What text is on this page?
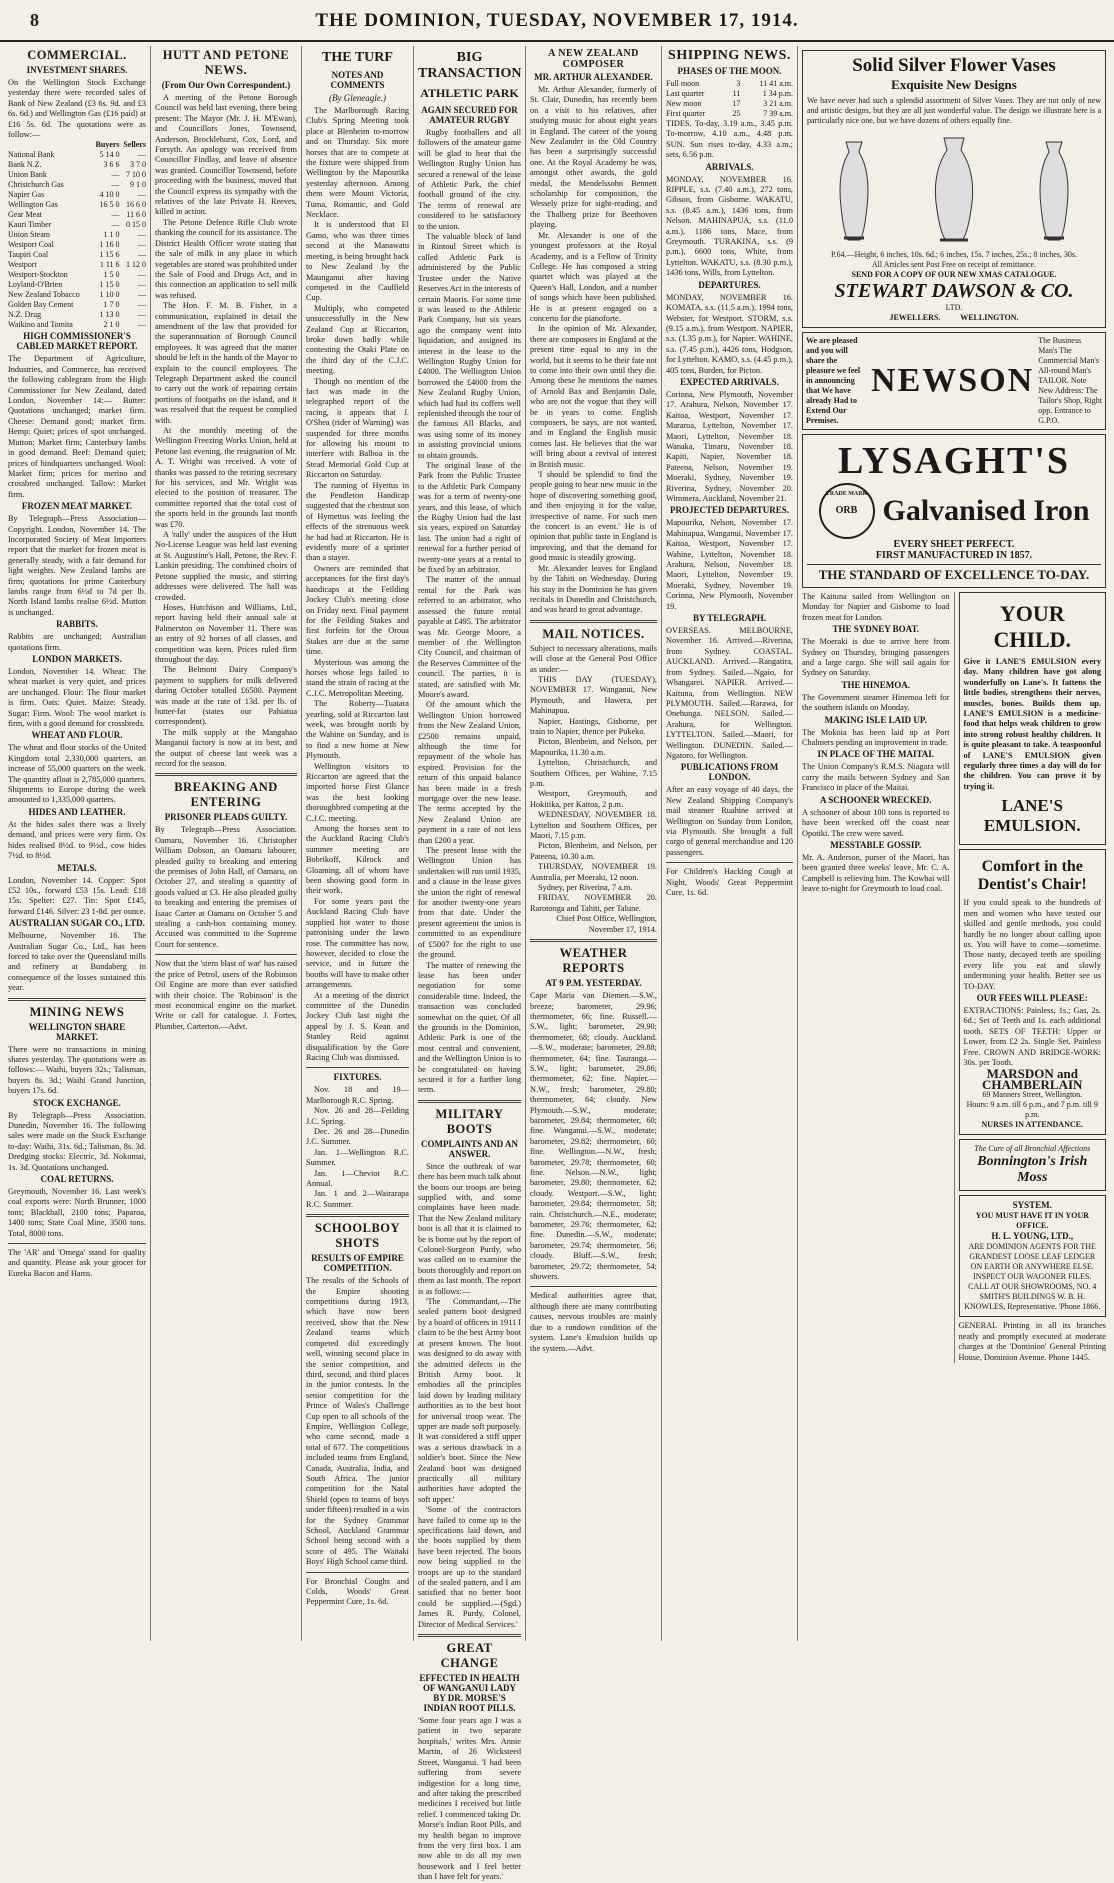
8	THE DOMINION, TUESDAY, NOVEMBER 17, 1914.
COMMERCIAL.
INVESTMENT SHARES.

On the Wellington Stock Exchange yesterday there were recorded sales of Bank of New Zealand (£3 6s. 9d. and £3 6s. 6d.) and Wellington Gas (£16 paid) at £16 5s. 6d. The quotations were as follow:—

	Buyers	Sellers
National Bank	5 14 0	—
Bank N.Z.	3 6 6	3 7 0
Union Bank	—	7 10 0
Christchurch Gas	—	9 1 0
Napier Gas	4 10 0	—
Wellington Gas	16 5 0	16 6 0
Gear Meat	—	11 6 0
Kauri Timber	—	0 15 0
Union Steam	1 1 0	—
Westport Coal	1 16 0	—
Taupiri Coal	1 15 6	—
Westport	1 11 6	1 12 0
Westport-Stockton	1 5 0	—
Loyland-O'Brien	1 15 0	—
New Zealand Tobacco	1 10 0	—
Golden Bay Cement	1 7 0	—
N.Z. Drug	1 13 0	—
Waikino and Tomita	2 1 0	—
HIGH COMMISSIONER'S CABLED MARKET REPORT.

The Department of Agriculture, Industries, and Commerce, has received the following cablegram from the High Commissioner for New Zealand, dated London, November 14:— Butter: Quotations unchanged; market firm. Cheese: Demand good; market firm. Hemp: Quiet; prices of spot unchanged. Mutton: Market firm; Canterbury lambs in good demand. Beef: Demand quiet; prices of hindquarters unchanged. Wool: Market firm; prices for merino and crossbred unchanged. Tallow: Market firm.

FROZEN MEAT MARKET.

By Telegraph—Press Association—Copyright. London, November 14. The Incorporated Society of Meat Importers report that the market for frozen meat is generally steady, with a fair demand for light weights. New Zealand lambs are firm; quotations for prime Canterbury lambs range from 6½d to 7d per lb. North Island lambs realise 6½d. Mutton is unchanged.

RABBITS.

Rabbits are unchanged; Australian quotations firm.

LONDON MARKETS.

London, November 14. Wheat: The wheat market is very quiet, and prices are unchanged. Flour: The flour market is firm. Oats: Quiet. Maize: Steady. Sugar: Firm. Wool: The wool market is firm, with a good demand for crossbreds.

WHEAT AND FLOUR.

The wheat and flour stocks of the United Kingdom total 2,330,000 quarters, an increase of 55,000 quarters on the week. The quantity afloat is 2,785,000 quarters. Shipments to Europe during the week amounted to 1,335,000 quarters.

HIDES AND LEATHER.

At the hides sales there was a lively demand, and prices were very firm. Ox hides realised 8½d. to 9½d., cow hides 7½d. to 8½d.

METALS.

London, November 14. Copper: Spot £52 10s., forward £53 15s. Lead: £18 15s. Spelter: £27. Tin: Spot £145, forward £146. Silver: 23 1-8d. per ounce.

AUSTRALIAN SUGAR CO., LTD.

Melbourne, November 16. The Australian Sugar Co., Ltd., has been forced to take over the Queensland mills and refinery at Bundaberg in consequence of the losses sustained this year.

MINING NEWS
WELLINGTON SHARE MARKET.

There were no transactions in mining shares yesterday. The quotations were as follows:— Waihi, buyers 32s.; Talisman, buyers 8s. 3d.; Waihi Grand Junction, buyers 17s. 6d.

STOCK EXCHANGE.

By Telegraph—Press Association. Dunedin, November 16. The following sales were made on the Stock Exchange to-day: Waihi, 31s. 6d.; Talisman, 8s. 3d. Dredging stocks: Electric, 3d. Nokomai, 1s. 3d. Quotations unchanged.

COAL RETURNS.

Greymouth, November 16. Last week's coal exports were: North Brunner, 1000 tons; Blackball, 2100 tons; Paparoa, 1400 tons; State Coal Mine, 3500 tons. Total, 8000 tons.

The 'AR' and 'Omega' stand for quality and quantity. Please ask your grocer for Eureka Bacon and Hams.

HUTT AND PETONE NEWS.
(From Our Own Correspondent.)

A meeting of the Petone Borough Council was held last evening, there being present: The Mayor (Mr. J. H. M'Ewan), and Councillors Jones, Townsend, Anderson, Brocklehurst, Cox, Lord, and Forsyth. An apology was received from Councillor Findlay, and leave of absence was granted. Councillor Townsend, before proceeding with the business, moved that the Council express its sympathy with the relatives of the late Private H. Reeves, killed in action.

The Petone Defence Rifle Club wrote thanking the council for its assistance. The District Health Officer wrote stating that the sale of milk in any place in which vegetables are stored was prohibited under the Sale of Food and Drugs Act, and in this connection an application to sell milk was refused.

The Hon. F. M. B. Fisher, in a communication, explained in detail the amendment of the law that provided for the superannuation of Borough Council employees. It was agreed that the matter should be left in the hands of the Mayor to explain to the council employees. The Telegraph Department asked the council to carry out the work of repairing certain portions of footpaths on the island, and it was resolved that the request be complied with.

At the monthly meeting of the Wellington Freezing Works Union, held at Petone last evening, the resignation of Mr. A. T. Wright was received. A vote of thanks was passed to the retiring secretary for his services, and Mr. Wright was elected to the position of treasurer. The committee reported that the total cost of the sports held in the grounds last month was £70.

A 'rally' under the auspices of the Hutt No-License League was held last evening at St. Augustine's Hall, Petone, the Rev. F. Lankin presiding. The combined choirs of Petone supplied the music, and stirring addresses were delivered. The hall was crowded.

Hoses, Hutchison and Williams, Ltd., report having held their annual sale at Palmerston on November 11. There was an entry of 92 horses of all classes, and competition was keen. Prices ruled firm throughout the day.

The Belmont Dairy Company's payment to suppliers for milk delivered during October totalled £6500. Payment was made at the rate of 13d. per lb. of butter-fat (states our Pahiatua correspondent).

The milk supply at the Mangahao Manganui factory is now at its best, and the output of cheese last week was a record for the season.

BREAKING AND ENTERING
PRISONER PLEADS GUILTY.

By Telegraph—Press Association. Oamaru, November 16. Christopher William Dobson, an Oamaru labourer, pleaded guilty to breaking and entering the premises of John Hall, of Oamaru, on October 27, and stealing a quantity of goods valued at £3. He also pleaded guilty to breaking and entering the premises of Isaac Carter at Oamaru on October 5 and stealing a cash-box containing money. Accused was committed to the Supreme Court for sentence.

Now that the 'stern blast of war' has raised the price of Petrol, users of the Robinson Oil Engine are more than ever satisfied with their choice. The 'Robinson' is the most economical engine on the market. Write or call for catalogue. J. Fortes, Plumber, Carterton.—Advt.

THE TURF
NOTES AND COMMENTS
(By Gleneagle.)

The Marlborough Racing Club's Spring Meeting took place at Blenheim to-morrow and on Thursday. Six more horses that are to compete at the fixture were shipped from Wellington by the Mapourika yesterday afternoon. Among them were Mount Victoria, Tuma, Romantic, and Gold Necklace.

It is understood that El Gamo, who was three times second at the Manawatu meeting, is being brought back to New Zealand by the Maunganui after having competed in the Caulfield Cup.

Multiply, who competed unsuccessfully in the New Zealand Cup at Riccarton, broke down badly while contesting the Otaki Plate on the third day of the C.J.C. meeting.

Though no mention of the fact was made in the telegraphed report of the racing, it appears that J. O'Shea (rider of Warning) was suspended for three months for allowing his mount to interfere with Balboa in the Stead Memorial Gold Cup at Riccarton on Saturday.

The running of Hyettus in the Pendleton Handicap suggested that the chestnut son of Hymettus was feeling the effects of the strenuous week he had had at Riccarton. He is evidently more of a sprinter than a stayer.

Owners are reminded that acceptances for the first day's handicaps at the Feilding Jockey Club's meeting close on Friday next. Final payment for the Feilding Stakes and first forfeits for the Oroua Stakes are due at the same time.

Mysterious was among the horses whose legs failed to stand the strain of racing at the C.J.C. Metropolitan Meeting.

The Roberty—Tuatara yearling, sold at Riccarton last week, was brought north by the Wahine on Sunday, and is to find a new home at New Plymouth.

Wellington visitors to Riccarton are agreed that the imported horse First Glance was the best looking thoroughbred competing at the C.J.C. meeting.

Among the horses sent to the Auckland Racing Club's summer meeting are Bobrikoff, Kilrock and Gloaming, all of whom have been showing good form in their work.

For some years past the Auckland Racing Club have supplied hot water to those patronising under the lawn rose. The committee has now, however, decided to close the service, and in future the booths will have to make other arrangements.

At a meeting of the district committee of the Dunedin Jockey Club last night the appeal by J. S. Kean and Stanley Reid against disqualification by the Gore Racing Club was dismissed.

FIXTURES.

Nov. 18 and 19—Marlborough R.C. Spring.

Nov. 26 and 28—Feilding J.C. Spring.

Dec. 26 and 28—Dunedin J.C. Summer.

Jan. 1—Wellington R.C. Summer.

Jan. 1—Cheviot R.C. Annual.

Jan. 1 and 2—Wairarapa R.C. Summer.

SCHOOLBOY SHOTS
RESULTS OF EMPIRE COMPETITION.

The results of the Schools of the Empire shooting competitions during 1913, which have now been received, show that the New Zealand teams which competed did exceedingly well, winning second place in the senior competition, and third, second, and third places in the junior contests. In the senior competition for the Prince of Wales's Challenge Cup open to all schools of the Empire, Wellington College, who came second, made a total of 677. The competitions included teams from England, Canada, Australia, India, and South Africa. The junior competition for the Natal Shield (open to teams of boys under fifteen) resulted in a win for the Sydney Grammar School, Auckland Grammar School being second with a score of 495. The Waitaki Boys' High School came third.

For Bronchial Coughs and Colds, Woods' Great Peppermint Cure, 1s. 6d.

BIG TRANSACTION
ATHLETIC PARK
AGAIN SECURED FOR AMATEUR RUGBY

Rugby footballers and all followers of the amateur game will be glad to hear that the Wellington Rugby Union has secured a renewal of the lease of Athletic Park, the chief football ground of the city. The terms of renewal are considered to be satisfactory to the union.

The valuable block of land in Rintoul Street which is called Athletic Park is administered by the Public Trustee under the Native Reserves Act in the interests of certain Maoris. For some time it was leased to the Athletic Park Company, but six years ago the company went into liquidation, and assigned its interest in the lease to the Wellington Rugby Union for £4000. The Wellington Union borrowed the £4000 from the New Zealand Rugby Union, which had had its coffers well replenished through the tour of the famous All Blacks, and was using some of its money in assisting provincial unions to obtain grounds.

The original lease of the Park from the Public Trustee to the Athletic Park Company was for a term of twenty-one years, and this lease, of which the Rugby Union had the last six years, expired on Saturday last. The union had a right of renewal for a further period of twenty-one years at a rental to be fixed by an arbitrator.

The matter of the annual rental for the Park was referred to an arbitrator, who assessed the future rental payable at £495. The arbitrator was Mr. George Moore, a member of the Wellington City Council, and chairman of the Reserves Committee of the council. The parties, it is stated, are satisfied with Mr. Moore's award.

Of the amount which the Wellington Union borrowed from the New Zealand Union, £2500 remains unpaid, although the time for repayment of the whole has expired. Provision for the return of this unpaid balance has been made in a fresh mortgage over the new lease. The terms accepted by the New Zealand Union are payment in a rate of not less than £200 a year.

The present lease with the Wellington Union has undertaken will run until 1935, and a clause in the lease gives the union the right of renewal for another twenty-one years from that date. Under the present agreement the union is committed to an expenditure of £5007 for the right to use the ground.

The matter of renewing the lease has been under negotiation for some considerable time. Indeed, the transaction was concluded somewhat on the quiet. Of all the grounds in the Dominion, Athletic Park is one of the most central and convenient, and the Wellington Union is to be congratulated on having secured it for a further long term.

MILITARY BOOTS
COMPLAINTS AND AN ANSWER.

Since the outbreak of war there has been much talk about the boots our troops are being supplied with, and some complaints have been made. That the New Zealand military boot is all that it is claimed to be is borne out by the report of Colonel-Surgeon Purdy, who was called on to examine the boots thoroughly and report on them as last month. The report is as follows:—

'The Commandant,—The sealed pattern boot designed by a board of officers in 1911 I claim to be the best Army boot at present known. The boot was designed to do away with the admitted defects in the British Army boot. It embodies all the principles laid down by leading military authorities as to the best boot for universal troop wear. The upper are made soft purposely. It was considered a stiff upper was a serious drawback in a soldier's boot. Since the New Zealand boot was designed practically all military authorities have adopted the soft upper.'

'Some of the contractors have failed to come up to the specifications laid down, and the boots supplied by them have been rejected. The boots now being supplied to the troops are up to the standard of the sealed pattern, and I am satisfied that no better boot could be supplied.—(Sgd.) James R. Purdy, Colonel, Director of Medical Services.'

GREAT CHANGE
EFFECTED IN HEALTH OF WANGANUI LADY BY DR. MORSE'S INDIAN ROOT PILLS.

'Some four years ago I was a patient in two separate hospitals,' writes Mrs. Annie Martin, of 26 Wicksteed Street, Wanganui. 'I had been suffering from severe indigestion for a long time, and after taking the prescribed medicines I received but little relief. I commenced taking Dr. Morse's Indian Root Pills, and my health began to improve from the very first box. I am now able to do all my own housework and I feel better than I have felt for years.'

A NEW ZEALAND COMPOSER
MR. ARTHUR ALEXANDER.

Mr. Arthur Alexander, formerly of St. Clair, Dunedin, has recently been on a visit to his relatives, after studying music for about eight years in England. The career of the young New Zealander in the Old Country has been a surprisingly successful one. At the Royal Academy he was, amongst other awards, the gold medal, the Mendelssohn Bennett scholarship for composition, the Wessely prize for sight-reading, and the Thalberg prize for Beethoven playing.

Mr. Alexander is one of the youngest professors at the Royal Academy, and is a Fellow of Trinity College. He has composed a string quartet which was played at the Queen's Hall, London, and a number of songs which have been published. He is at present engaged on a concerto for the pianoforte.

In the opinion of Mr. Alexander, there are composers in England at the present time equal to any in the world, but it seems to be their fate not to come into their own until they die. Among these he mentions the names of Arnold Bax and Benjamin Dale, who are not the vogue that they will be in years to come. English composers, he says, are not wanted, and in England the English music comes last. He believes that the war will bring about a revival of interest in British music.

'I should be splendid to find the people going to hear new music in the hope of discovering something good, and then enjoying it for the value, irrespective of name. For such men the concert is an event.' He is of opinion that public taste in England is improving, and that the demand for good music is steadily growing.

Mr. Alexander leaves for England by the Tahiti on Wednesday. During his stay in the Dominion he has given recitals in Dunedin and Christchurch, and was heard to great advantage.

MAIL NOTICES.

Subject to necessary alterations, mails will close at the General Post Office as under:—

THIS DAY (TUESDAY), NOVEMBER 17. Wanganui, New Plymouth, and Hawera, per Mahinapua.

Napier, Hastings, Gisborne, per train to Napier, thence per Pukeko.

Picton, Blenheim, and Nelson, per Mapourika, 11.30 a.m.

Lyttelton, Christchurch, and Southern Offices, per Wahine, 7.15 p.m.

Westport, Greymouth, and Hokitika, per Kaitoa, 2 p.m.

WEDNESDAY, NOVEMBER 18. Lyttelton and Southern Offices, per Maori, 7.15 p.m.

Picton, Blenheim, and Nelson, per Pateena, 10.30 a.m.

THURSDAY, NOVEMBER 19. Australia, per Moeraki, 12 noon.

Sydney, per Riverina, 7 a.m.

FRIDAY, NOVEMBER 20. Rarotonga and Tahiti, per Talune.

Chief Post Office, Wellington, November 17, 1914.

WEATHER REPORTS
AT 9 P.M. YESTERDAY.

Cape Maria van Diemen.—S.W., breeze; barometer, 29.96; thermometer, 66; fine. Russell.—S.W., light; barometer, 29.90; thermometer, 68; cloudy. Auckland.—S.W., moderate; barometer, 29.88; thermometer, 64; fine. Tauranga.—S.W., light; barometer, 29.86; thermometer, 62; fine. Napier.—N.W., fresh; barometer, 29.80; thermometer, 64; cloudy. New Plymouth.—S.W., moderate; barometer, 29.84; thermometer, 60; fine. Wanganui.—S.W., moderate; barometer, 29.82; thermometer, 60; fine. Wellington.—N.W., fresh; barometer, 29.78; thermometer, 60; fine. Nelson.—N.W., light; barometer, 29.80; thermometer, 62; cloudy. Westport.—S.W., light; barometer, 29.84; thermometer, 58; rain. Christchurch.—N.E., moderate; barometer, 29.76; thermometer, 62; fine. Dunedin.—S.W., moderate; barometer, 29.74; thermometer, 56; cloudy. Bluff.—S.W., fresh; barometer, 29.72; thermometer, 54; showers.

Medical authorities agree that, although there are many contributing causes, nervous troubles are mainly due to a rundown condition of the system. Lane's Emulsion builds up the system.—Advt.

SHIPPING NEWS.
PHASES OF THE MOON.
Full moon	3	11 41 a.m.
Last quarter	11	1 34 p.m.
New moon	17	3 21 a.m.
First quarter	25	7 39 a.m.

TIDES. To-day, 3.19 a.m., 3.45 p.m. To-morrow, 4.10 a.m., 4.48 p.m. SUN. Sun rises to-day, 4.33 a.m.; sets, 6.56 p.m.

ARRIVALS.

MONDAY, NOVEMBER 16. RIPPLE, s.s. (7.40 a.m.), 272 tons, Gibson, from Gisborne. WAKATU, s.s. (8.45 a.m.), 1436 tons, from Nelson. MAHINAPUA, s.s. (11.0 a.m.), 1186 tons, Mace, from Greymouth. TURAKINA, s.s. (9 p.m.), 6600 tons, White, from Lyttelton. WAKATU, s.s. (8.30 p.m.), 1436 tons, Wills, from Lyttelton.

DEPARTURES.

MONDAY, NOVEMBER 16. KOMATA, s.s. (11.5 a.m.), 1994 tons, Webster, for Westport. STORM, s.s. (9.15 a.m.), from Westport. NAPIER, s.s. (1.35 p.m.), for Napier. WAHINE, s.s. (7.45 p.m.), 4426 tons, Hodgson, for Lyttelton. KAMO, s.s. (4.45 p.m.), 405 tons, Burden, for Picton.

EXPECTED ARRIVALS.

Corinna, New Plymouth, November 17. Arahura, Nelson, November 17. Kaitoa, Westport, November 17. Mararoa, Lyttelton, November 17. Maori, Lyttelton, November 18. Wanaka, Timaru, November 18. Kapiti, Napier, November 18. Pateena, Nelson, November 19. Moeraki, Sydney, November 19. Riverina, Sydney, November 20. Wimmera, Auckland, November 21.

PROJECTED DEPARTURES.

Mapourika, Nelson, November 17. Mahinapua, Wanganui, November 17. Kaitoa, Westport, November 17. Wahine, Lyttelton, November 18. Arahura, Nelson, November 18. Maori, Lyttelton, November 19. Moeraki, Sydney, November 19. Corinna, New Plymouth, November 19.

BY TELEGRAPH.

OVERSEAS. MELBOURNE, November 16. Arrived.—Riverina, from Sydney. COASTAL. AUCKLAND. Arrived.—Rangatira, from Sydney. Sailed.—Ngaio, for Whangarei. NAPIER. Arrived.—Kaituna, from Wellington. NEW PLYMOUTH. Sailed.—Rarawa, for Onehunga. NELSON. Sailed.—Arahura, for Wellington. LYTTELTON. Sailed.—Maori, for Wellington. DUNEDIN. Sailed.—Ngatoro, for Wellington.

PUBLICATIONS FROM LONDON.

After an easy voyage of 40 days, the New Zealand Shipping Company's mail steamer Ruahine arrived at Wellington on Sunday from London, via Plymouth. She brought a full cargo of general merchandise and 120 passengers.

For Children's Hacking Cough at Night, Woods' Great Peppermint Cure, 1s. 6d.

Solid Silver Flower Vases
Exquisite New Designs

We have never had such a splendid assortment of Silver Vases. They are not only of new and artistic designs, but they are all just wonderful value. The design we illustrate here is a particularly nice one, but we have dozens of others equally fine.

P.64.—Height, 6 inches, 10s. 6d.; 6 inches, 15s. 7 inches, 25s.; 8 inches, 30s.
All Articles sent Post Free on receipt of remittance.
SEND FOR A COPY OF OUR NEW XMAS CATALOGUE.
STEWART DAWSON & CO.
LTD.
JEWELLERS.          WELLINGTON.
We are pleased and you will share the pleasure we feel in announcing that We have already Had to Extend Our Premises.
NEWSON
The Business Man's The Commercial Man's All-round Man's TAILOR. Note New Address: The Tailor's Shop, Right opp. Entrance to G.P.O.
LYSAGHT'S
TRADE MARK
ORB Galvanised Iron
EVERY SHEET PERFECT.
FIRST MANUFACTURED IN 1857.
THE STANDARD OF EXCELLENCE TO-DAY.

The Kaituna sailed from Wellington on Monday for Napier and Gisborne to load frozen meat for London.

THE SYDNEY BOAT.

The Moeraki is due to arrive here from Sydney on Thursday, bringing passengers and a large cargo. She will sail again for Sydney on Saturday.

THE HINEMOA.

The Government steamer Hinemoa left for the southern islands on Monday.

MAKING ISLE LAID UP.

The Mokoia has been laid up at Port Chalmers pending an improvement in trade.

IN PLACE OF THE MAITAI.

The Union Company's R.M.S. Niagara will carry the mails between Sydney and San Francisco in place of the Maitai.

A SCHOONER WRECKED.

A schooner of about 100 tons is reported to have been wrecked off the coast near Opotiki. The crew were saved.

MESSTABLE GOSSIP.

Mr. A. Anderson, purser of the Maori, has been granted three weeks' leave. Mr. C. A. Campbell is relieving him. The Kowhai will leave to-night for Greymouth to load coal.

YOUR CHILD.

Give it LANE'S EMULSION every day. Many children have got along wonderfully on Lane's. It fattens the little bodies, strengthens their nerves, muscles, bones. Builds them up. LANE'S EMULSION is a medicine-food that helps weak children to grow into strong robust healthy children. It is quite pleasant to take. A teaspoonful of LANE'S EMULSION given regularly three times a day will do for the children. You can prove it by trying it.

LANE'S EMULSION.
Comfort in the Dentist's Chair!

If you could speak to the hundreds of men and women who have tested our skilled and gentle methods, you could hardly be no longer about calling upon us. You will have to come—sometime. Those nasty, decayed teeth are spoiling every life you eat and slowly undermining your health. Better see us TO-DAY.

OUR FEES WILL PLEASE:

EXTRACTIONS: Painless, 1s.; Gas, 2s. 6d.; Set of Teeth and 1s. each additional tooth. SETS OF TEETH: Upper or Lower, from £2 2s. Single Set. Painless Free. CROWN AND BRIDGE-WORK: 30s. per Tooth.

MARSDON and CHAMBERLAIN
69 Manners Street, Wellington.
Hours: 9 a.m. till 6 p.m., and 7 p.m. till 9 p.m.
NURSES IN ATTENDANCE.
The Cure of all Bronchial Affections
Bonnington's Irish Moss
SYSTEM.
YOU MUST HAVE IT IN YOUR OFFICE.
H. L. YOUNG, LTD.,
ARE DOMINION AGENTS FOR THE GRANDEST LOOSE LEAF LEDGER ON EARTH OR ANYWHERE ELSE. INSPECT OUR WAGONER FILES. CALL AT OUR SHOWROOMS, NO. 4 SMITH'S BUILDINGS W. B. H. KNOWLES, Representative. 'Phone 1866.

GENERAL Printing in all its branches neatly and promptly executed at moderate charges at the 'Dominion' General Printing House, Dominion Avenue. Phone 1445.
